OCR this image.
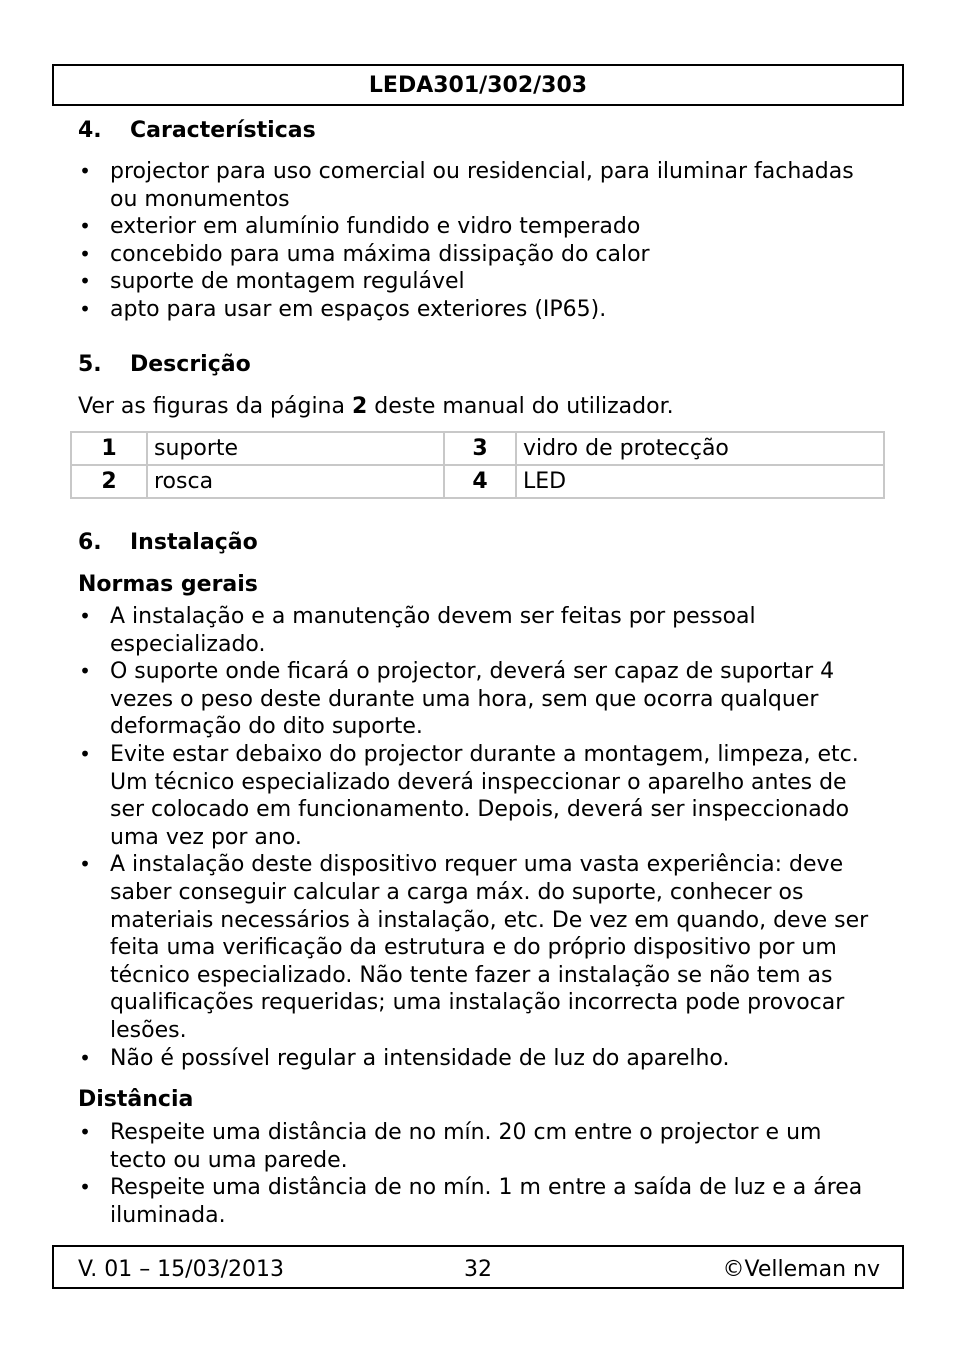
LEDA301/302/303
4. Características
• projector para uso comercial ou residencial, para iluminar fachadas ou monumentos
• exterior em alumínio fundido e vidro temperado
• concebido para uma máxima dissipação do calor
• suporte de montagem regulável
• apto para usar em espaços exteriores (IP65).
5. Descrição

Ver as figuras da página 2 deste manual do utilizador.

1	suporte	3	vidro de protecção
2	rosca	4	LED
6. Instalação
Normas gerais
• A instalação e a manutenção devem ser feitas por pessoal especializado.
• O suporte onde ficará o projector, deverá ser capaz de suportar 4 vezes o peso deste durante uma hora, sem que ocorra qualquer deformação do dito suporte.
• Evite estar debaixo do projector durante a montagem, limpeza, etc. Um técnico especializado deverá inspeccionar o aparelho antes de ser colocado em funcionamento. Depois, deverá ser inspeccionado uma vez por ano.
• A instalação deste dispositivo requer uma vasta experiência: deve saber conseguir calcular a carga máx. do suporte, conhecer os materiais necessários à instalação, etc. De vez em quando, deve ser feita uma verificação da estrutura e do próprio dispositivo por um técnico especializado. Não tente fazer a instalação se não tem as qualificações requeridas; uma instalação incorrecta pode provocar lesões.
• Não é possível regular a intensidade de luz do aparelho.
Distância
• Respeite uma distância de no mín. 20 cm entre o projector e um tecto ou uma parede.
• Respeite uma distância de no mín. 1 m entre a saída de luz e a área iluminada.
V. 01 – 15/03/2013	32	©Velleman nv
